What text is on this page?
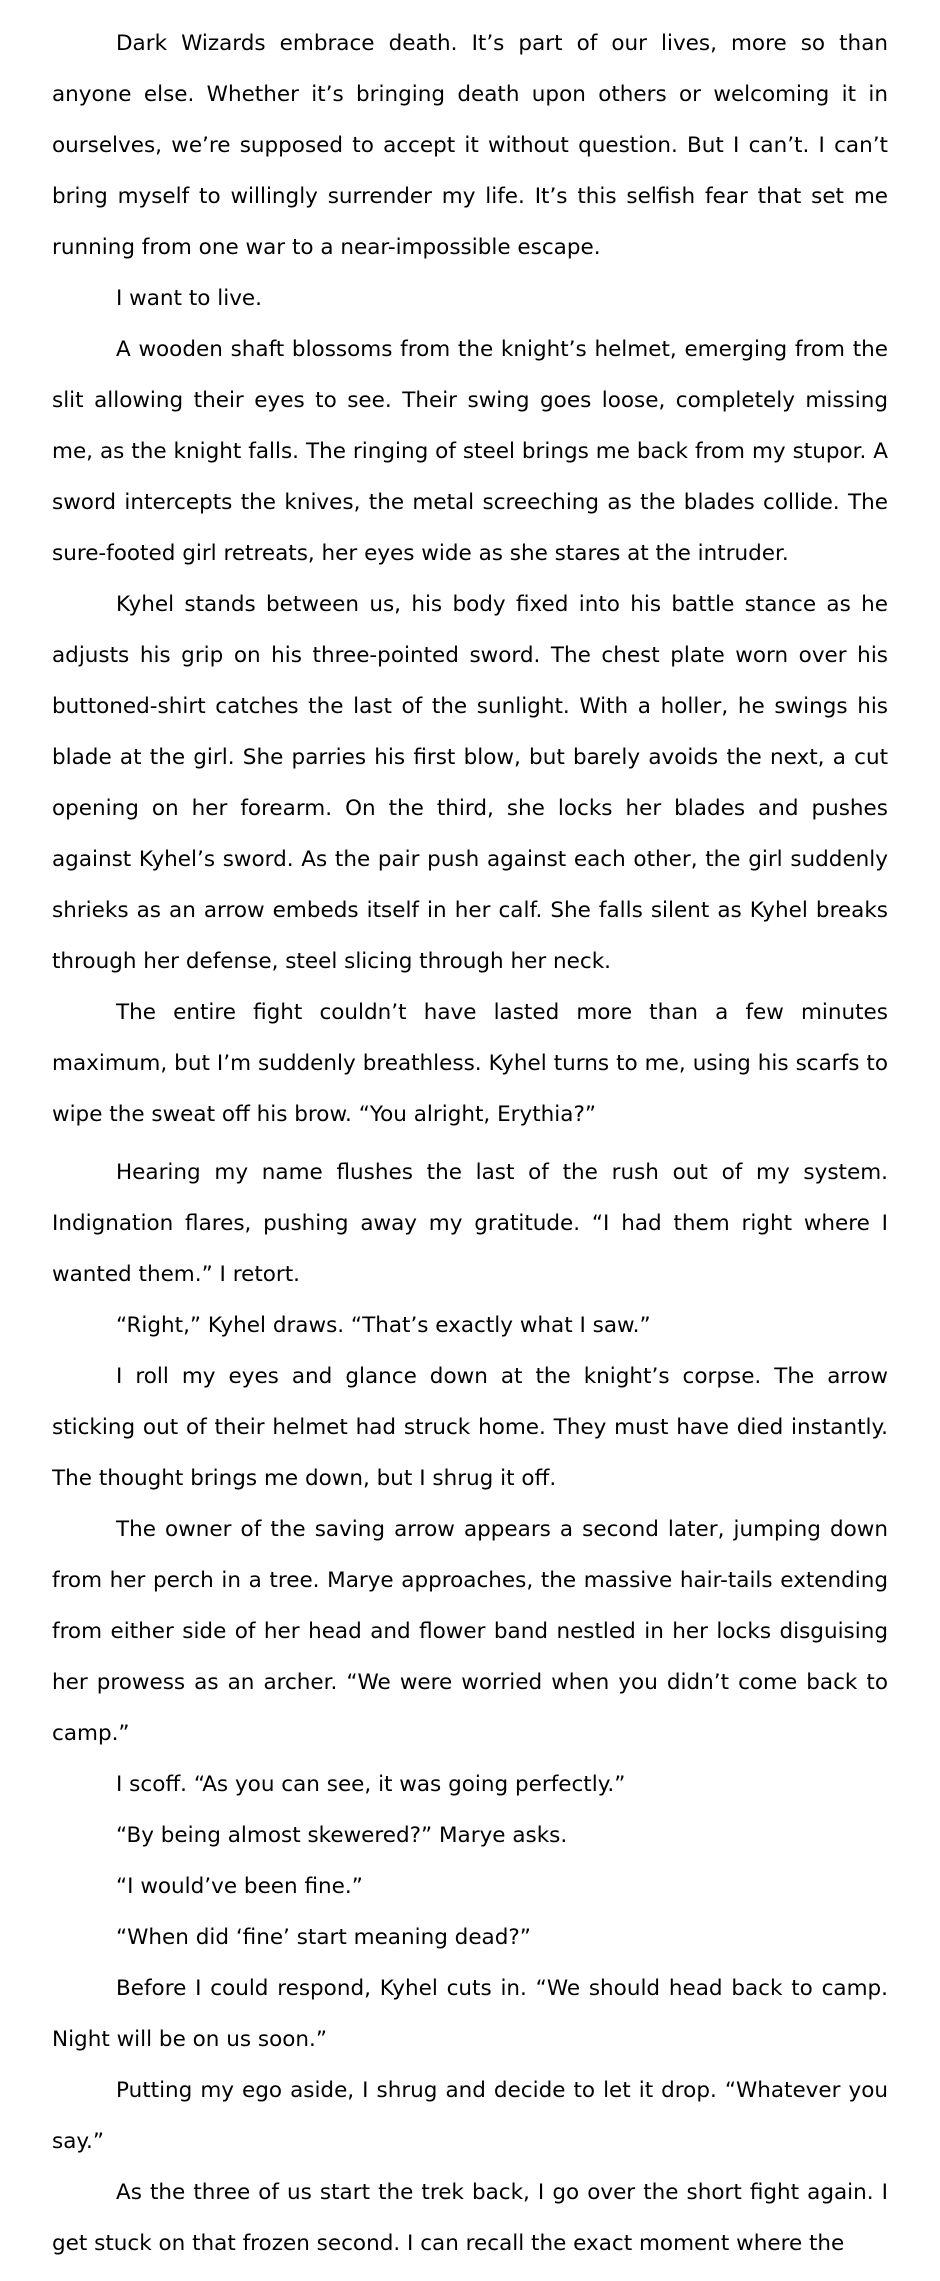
Dark Wizards embrace death. It’s part of our lives, more so than anyone else. Whether it’s bringing death upon others or welcoming it in ourselves, we’re supposed to accept it without question. But I can’t. I can’t bring myself to willingly surrender my life. It’s this selfish fear that set me running from one war to a near-impossible escape.

I want to live.

A wooden shaft blossoms from the knight’s helmet, emerging from the slit allowing their eyes to see. Their swing goes loose, completely missing me, as the knight falls. The ringing of steel brings me back from my stupor. A sword intercepts the knives, the metal screeching as the blades collide. The sure-footed girl retreats, her eyes wide as she stares at the intruder.

Kyhel stands between us, his body fixed into his battle stance as he adjusts his grip on his three-pointed sword. The chest plate worn over his buttoned-shirt catches the last of the sunlight. With a holler, he swings his blade at the girl. She parries his first blow, but barely avoids the next, a cut opening on her forearm. On the third, she locks her blades and pushes against Kyhel’s sword. As the pair push against each other, the girl suddenly shrieks as an arrow embeds itself in her calf. She falls silent as Kyhel breaks through her defense, steel slicing through her neck.

The entire fight couldn’t have lasted more than a few minutes maximum, but I’m suddenly breathless. Kyhel turns to me, using his scarfs to wipe the sweat off his brow. “You alright, Erythia?”

Hearing my name flushes the last of the rush out of my system. Indignation flares, pushing away my gratitude. “I had them right where I wanted them.” I retort.

“Right,” Kyhel draws. “That’s exactly what I saw.”

I roll my eyes and glance down at the knight’s corpse. The arrow sticking out of their helmet had struck home. They must have died instantly. The thought brings me down, but I shrug it off.

The owner of the saving arrow appears a second later, jumping down from her perch in a tree. Marye approaches, the massive hair-tails extending from either side of her head and flower band nestled in her locks disguising her prowess as an archer. “We were worried when you didn’t come back to camp.”

I scoff. “As you can see, it was going perfectly.”

“By being almost skewered?” Marye asks.

“I would’ve been fine.”

“When did ‘fine’ start meaning dead?”

Before I could respond, Kyhel cuts in. “We should head back to camp. Night will be on us soon.”

Putting my ego aside, I shrug and decide to let it drop. “Whatever you say.”

As the three of us start the trek back, I go over the short fight again. I get stuck on that frozen second. I can recall the exact moment where the
